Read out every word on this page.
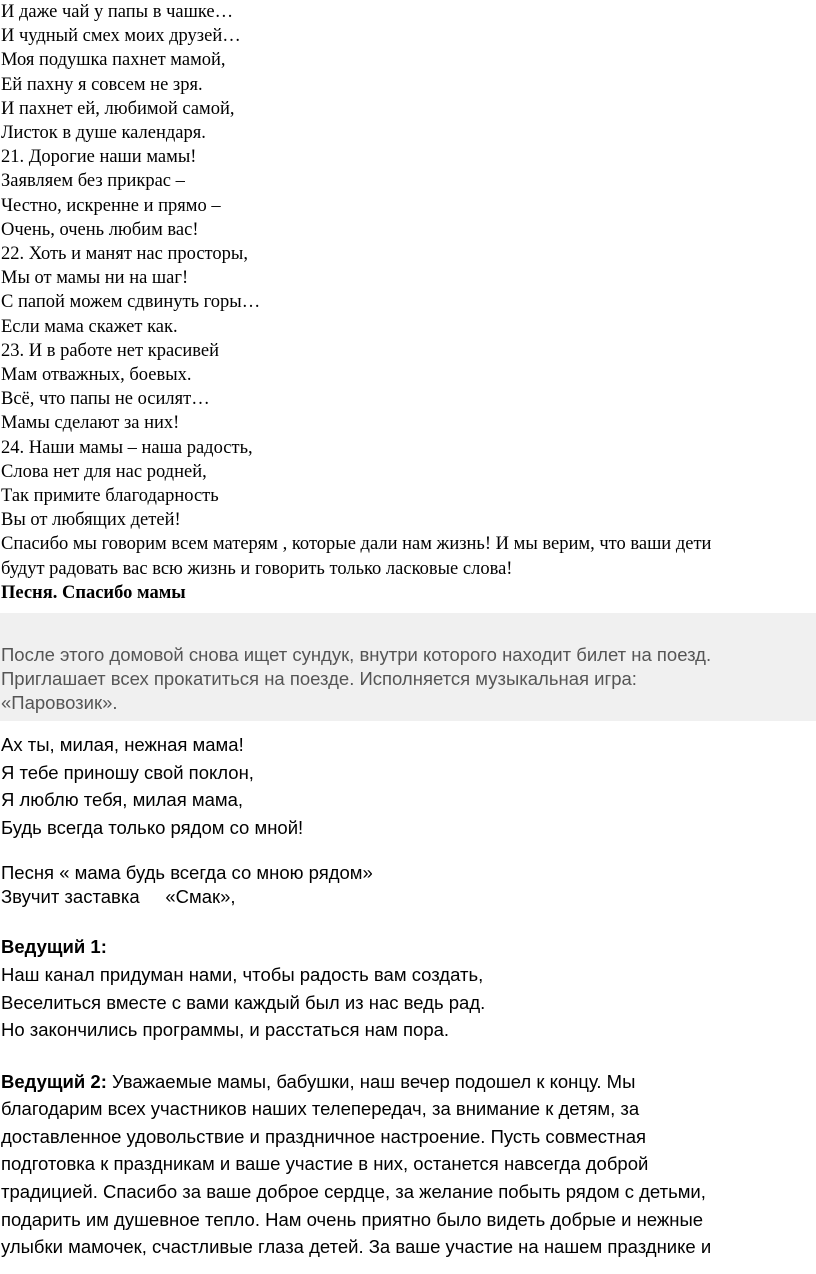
И даже чай у папы в чашке…
И чудный смех моих друзей…
Моя подушка пахнет мамой,
Ей пахну я совсем не зря.
И пахнет ей, любимой самой,
Листок в душе календаря.
21. Дорогие наши мамы!
Заявляем без прикрас –
Честно, искренне и прямо –
Очень, очень любим вас!
22. Хоть и манят нас просторы,
Мы от мамы ни на шаг!
С папой можем сдвинуть горы…
Если мама скажет как.
23. И в работе нет красивей
Мам отважных, боевых.
Всё, что папы не осилят…
Мамы сделают за них!
24. Наши мамы – наша радость,
Слова нет для нас родней,
Так примите благодарность
Вы от любящих детей!
Спасибо мы говорим всем матерям , которые дали нам жизнь! И мы верим, что ваши дети
будут радовать вас всю жизнь и говорить только ласковые слова!
Песня. Спасибо мамы
После этого домовой снова ищет сундук, внутри которого находит билет на поезд.
Приглашает всех прокатиться на поезде. Исполняется музыкальная игра:
«Паровозик».
Ах ты, милая, нежная мама!
Я тебе приношу свой поклон,
Я люблю тебя, милая мама,
Будь всегда только рядом со мной!
Песня « мама будь всегда со мною рядом»
Звучит заставка     «Смак»,
Ведущий 1:
Наш канал придуман нами, чтобы радость вам создать,
Веселиться вместе с вами каждый был из нас ведь рад.
Но закончились программы, и расстаться нам пора.
Ведущий 2: Уважаемые мамы, бабушки, наш вечер подошел к концу. Мы
благодарим всех участников наших телепередач, за внимание к детям, за
доставленное удовольствие и праздничное настроение. Пусть совместная
подготовка к праздникам и ваше участие в них, останется навсегда доброй
традицией. Спасибо за ваше доброе сердце, за желание побыть рядом с детьми,
подарить им душевное тепло. Нам очень приятно было видеть добрые и нежные
улыбки мамочек, счастливые глаза детей. За ваше участие на нашем празднике и
